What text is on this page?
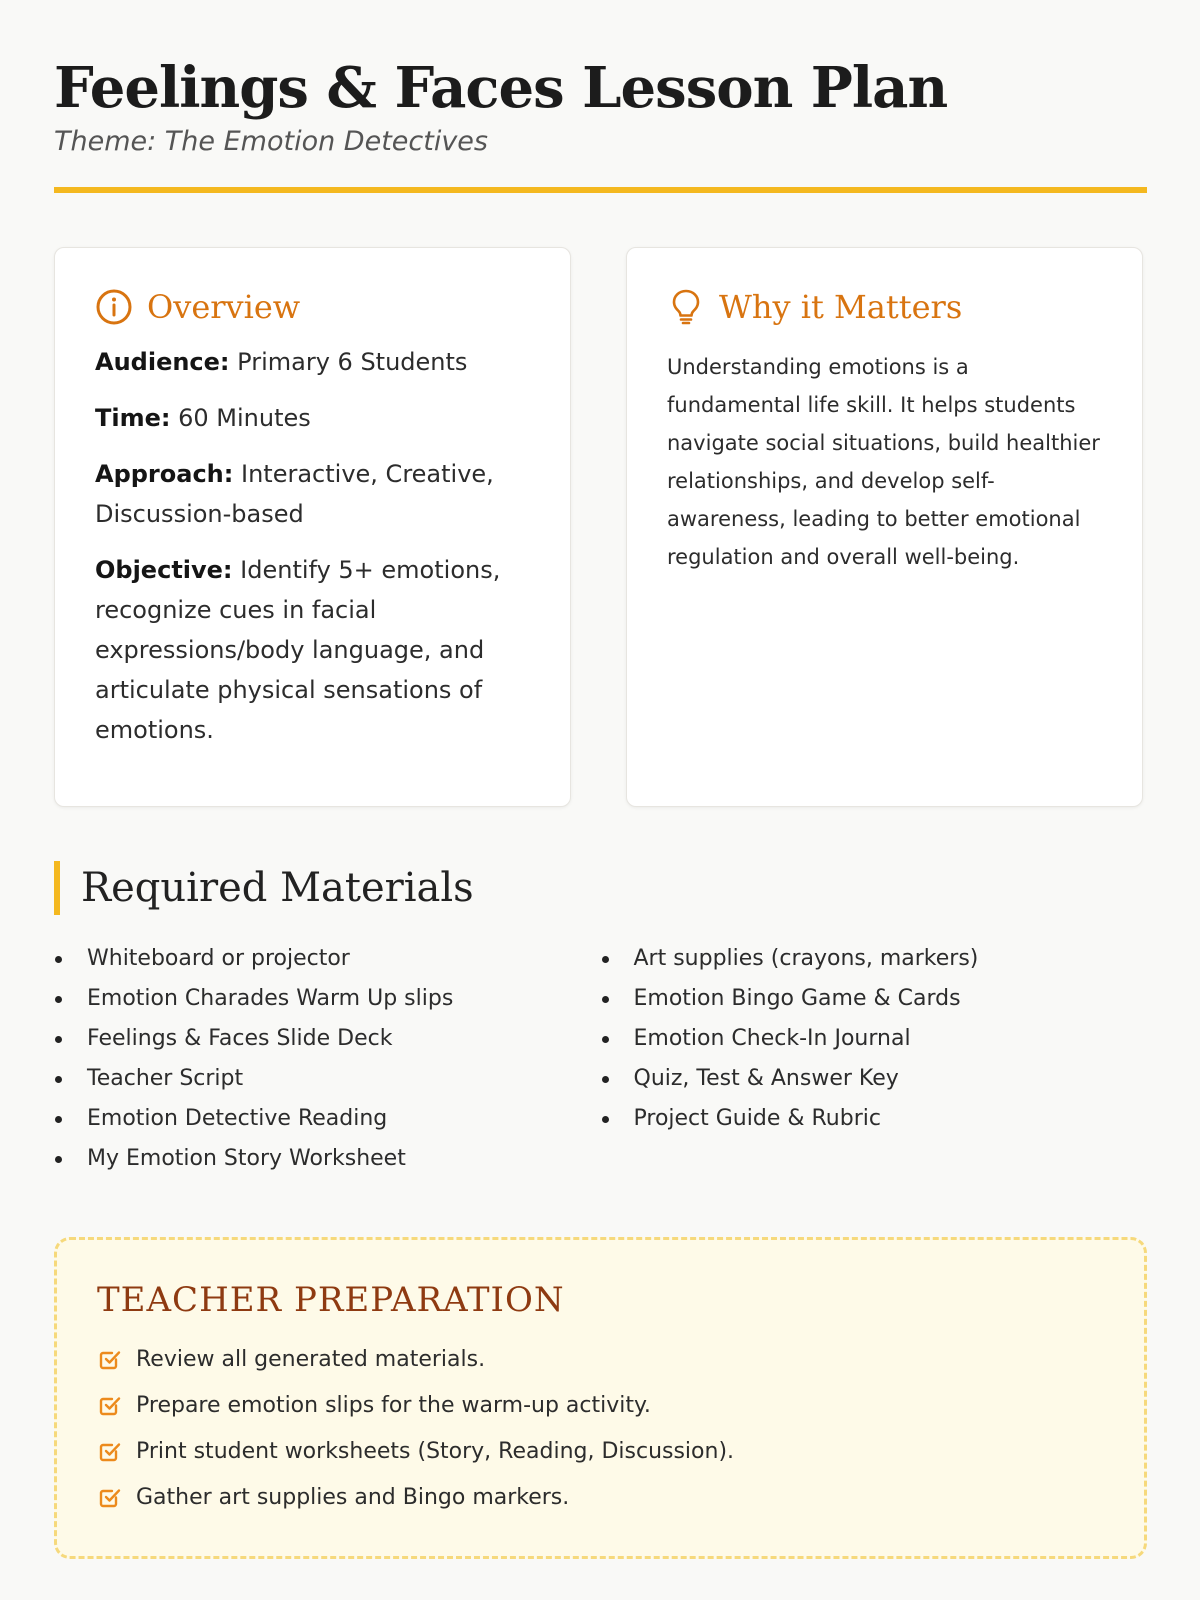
Feelings & Faces Lesson Plan
Theme: The Emotion Detectives
Overview
Audience: Primary 6 Students
Time: 60 Minutes
Approach: Interactive, Creative, Discussion-based
Objective: Identify 5+ emotions, recognize cues in facial expressions/body language, and articulate physical sensations of emotions.
Why it Matters
Understanding emotions is a fundamental life skill. It helps students navigate social situations, build healthier relationships, and develop self-awareness, leading to better emotional regulation and overall well-being.
Required Materials
Whiteboard or projector
Emotion Charades Warm Up slips
Feelings & Faces Slide Deck
Teacher Script
Emotion Detective Reading
My Emotion Story Worksheet
Art supplies (crayons, markers)
Emotion Bingo Game & Cards
Emotion Check-In Journal
Quiz, Test & Answer Key
Project Guide & Rubric
TEACHER PREPARATION
Review all generated materials.
Prepare emotion slips for the warm-up activity.
Print student worksheets (Story, Reading, Discussion).
Gather art supplies and Bingo markers.
